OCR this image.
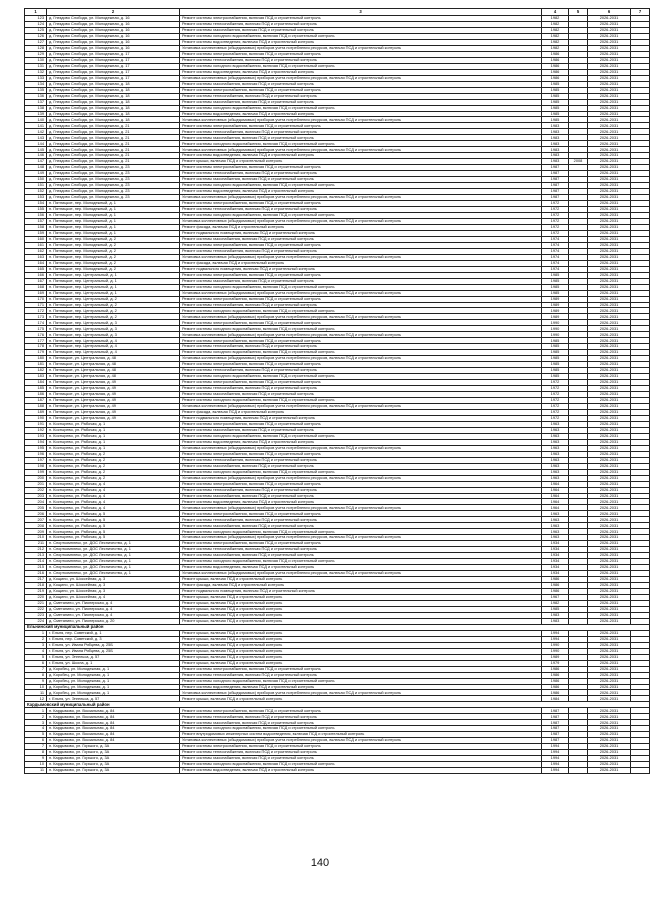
1	2	3	4	5	6	7
123	д. Гнездово Слобода, ул. Молодежная, д. 16	Ремонт системы электроснабжения, включая ПСД и строительный контроль	1982		2026-2031	
124	д. Гнездово Слобода, ул. Молодежная, д. 16	Ремонт системы теплоснабжения, включая ПСД и строительный контроль	1982		2026-2031	
125	д. Гнездово Слобода, ул. Молодежная, д. 16	Ремонт системы газоснабжения, включая ПСД и строительный контроль	1982		2026-2031	
126	д. Гнездово Слобода, ул. Молодежная, д. 16	Ремонт системы холодного водоснабжения, включая ПСД и строительный контроль	1982		2026-2031	
127	д. Гнездово Слобода, ул. Молодежная, д. 16	Ремонт системы водоотведения, включая ПСД и строительный контроль	1982		2026-2031	
128	д. Гнездово Слобода, ул. Молодежная, д. 16	Установка коллективных (общедомовых) приборов учета потребления ресурсов, включая ПСД и строительный контроль	1982		2026-2031	
129	д. Гнездово Слобода, ул. Молодежная, д. 17	Ремонт системы электроснабжения, включая ПСД и строительный контроль	1986		2026-2031	
130	д. Гнездово Слобода, ул. Молодежная, д. 17	Ремонт системы теплоснабжения, включая ПСД и строительный контроль	1986		2026-2031	
131	д. Гнездово Слобода, ул. Молодежная, д. 17	Ремонт системы холодного водоснабжения, включая ПСД и строительный контроль	1986		2026-2031	
132	д. Гнездово Слобода, ул. Молодежная, д. 17	Ремонт системы водоотведения, включая ПСД и строительный контроль	1986		2026-2031	
133	д. Гнездово Слобода, ул. Молодежная, д. 17	Установка коллективных (общедомовых) приборов учета потребления ресурсов, включая ПСД и строительный контроль	1986		2026-2031	
134	д. Гнездово Слобода, ул. Молодежная, д. 18	Ремонт системы газоснабжения, включая ПСД и строительный контроль	1985		2026-2031	
135	д. Гнездово Слобода, ул. Молодежная, д. 18	Ремонт системы электроснабжения, включая ПСД и строительный контроль	1985		2026-2031	
136	д. Гнездово Слобода, ул. Молодежная, д. 18	Ремонт системы теплоснабжения, включая ПСД и строительный контроль	1985		2026-2031	
137	д. Гнездово Слобода, ул. Молодежная, д. 18	Ремонт системы газоснабжения, включая ПСД и строительный контроль	1985		2026-2031	
138	д. Гнездово Слобода, ул. Молодежная, д. 18	Ремонт системы холодного водоснабжения, включая ПСД и строительный контроль	1985		2026-2031	
139	д. Гнездово Слобода, ул. Молодежная, д. 18	Ремонт системы водоотведения, включая ПСД и строительный контроль	1985		2026-2031	
140	д. Гнездово Слобода, ул. Молодежная, д. 18	Установка коллективных (общедомовых) приборов учета потребления ресурсов, включая ПСД и строительный контроль	1985		2026-2031	
141	д. Гнездово Слобода, ул. Молодежная, д. 21	Ремонт системы электроснабжения, включая ПСД и строительный контроль	1983		2026-2031	
142	д. Гнездово Слобода, ул. Молодежная, д. 21	Ремонт системы теплоснабжения, включая ПСД и строительный контроль	1983		2026-2031	
143	д. Гнездово Слобода, ул. Молодежная, д. 21	Ремонт системы газоснабжения, включая ПСД и строительный контроль	1983		2026-2031	
144	д. Гнездово Слобода, ул. Молодежная, д. 21	Ремонт системы холодного водоснабжения, включая ПСД и строительный контроль	1983		2026-2031	
145	д. Гнездово Слобода, ул. Молодежная, д. 21	Установка коллективных (общедомовых) приборов учета потребления ресурсов, включая ПСД и строительный контроль	1983		2026-2031	
146	д. Гнездово Слобода, ул. Молодежная, д. 21	Ремонт системы водоотведения, включая ПСД и строительный контроль	1983		2026-2031	
147	д. Гнездово Слобода, ул. Молодежная, д. 21	Ремонт крыши, включая ПСД и строительный контроль	1983	2008	2026-2031	
148	д. Гнездово Слобода, ул. Молодежная, д. 23	Ремонт системы электроснабжения, включая ПСД и строительный контроль	1987		2026-2031	
149	д. Гнездово Слобода, ул. Молодежная, д. 23	Ремонт системы теплоснабжения, включая ПСД и строительный контроль	1987		2026-2031	
150	д. Гнездово Слобода, ул. Молодежная, д. 23	Ремонт системы газоснабжения, включая ПСД и строительный контроль	1987		2026-2031	
151	д. Гнездово Слобода, ул. Молодежная, д. 23	Ремонт системы холодного водоснабжения, включая ПСД и строительный контроль	1987		2026-2031	
152	д. Гнездово Слобода, ул. Молодежная, д. 23	Ремонт системы водоотведения, включая ПСД и строительный контроль	1987		2026-2031	
153	д. Гнездово Слобода, ул. Молодежная, д. 23	Установка коллективных (общедомовых) приборов учета потребления ресурсов, включая ПСД и строительный контроль	1987		2026-2031	
154	п. Пятницкое, пер. Молодежный, д. 1	Ремонт системы электроснабжения, включая ПСД и строительный контроль	1972		2026-2031	
155	п. Пятницкое, пер. Молодежный, д. 1	Ремонт системы теплоснабжения, включая ПСД и строительный контроль	1972		2026-2031	
156	п. Пятницкое, пер. Молодежный, д. 1	Ремонт системы холодного водоснабжения, включая ПСД и строительный контроль	1972		2026-2031	
157	п. Пятницкое, пер. Молодежный, д. 1	Установка коллективных (общедомовых) приборов учета потребления ресурсов, включая ПСД и строительный контроль	1972		2026-2031	
158	п. Пятницкое, пер. Молодежный, д. 1	Ремонт фасада, включая ПСД и строительный контроль	1972		2026-2031	
159	п. Пятницкое, пер. Молодежный, д. 1	Ремонт подвального помещения, включая ПСД и строительный контроль	1972		2026-2031	
160	п. Пятницкое, пер. Молодежный, д. 2	Ремонт системы газоснабжения, включая ПСД и строительный контроль	1974		2026-2031	
161	п. Пятницкое, пер. Молодежный, д. 2	Ремонт системы электроснабжения, включая ПСД и строительный контроль	1974		2026-2031	
162	п. Пятницкое, пер. Молодежный, д. 2	Ремонт системы теплоснабжения, включая ПСД и строительный контроль	1974		2026-2031	
163	п. Пятницкое, пер. Молодежный, д. 2	Установка коллективных (общедомовых) приборов учета потребления ресурсов, включая ПСД и строительный контроль	1974		2026-2031	
164	п. Пятницкое, пер. Молодежный, д. 2	Ремонт фасада, включая ПСД и строительный контроль	1974		2026-2031	
165	п. Пятницкое, пер. Молодежный, д. 2	Ремонт подвального помещения, включая ПСД и строительный контроль	1974		2026-2031	
166	п. Пятницкое, пер. Центральный, д. 1	Ремонт системы электроснабжения, включая ПСД и строительный контроль	1985		2026-2031	
167	п. Пятницкое, пер. Центральный, д. 1	Ремонт системы газоснабжения, включая ПСД и строительный контроль	1985		2026-2031	
168	п. Пятницкое, пер. Центральный, д. 1	Ремонт системы холодного водоснабжения, включая ПСД и строительный контроль	1985		2026-2031	
169	п. Пятницкое, пер. Центральный, д. 1	Установка коллективных (общедомовых) приборов учета потребления ресурсов, включая ПСД и строительный контроль	1985		2026-2031	
170	п. Пятницкое, пер. Центральный, д. 2	Ремонт системы электроснабжения, включая ПСД и строительный контроль	1989		2026-2031	
171	п. Пятницкое, пер. Центральный, д. 2	Ремонт системы теплоснабжения, включая ПСД и строительный контроль	1989		2026-2031	
172	п. Пятницкое, пер. Центральный, д. 2	Ремонт системы холодного водоснабжения, включая ПСД и строительный контроль	1989		2026-2031	
173	п. Пятницкое, пер. Центральный, д. 2	Установка коллективных (общедомовых) приборов учета потребления ресурсов, включая ПСД и строительный контроль	1989		2026-2031	
174	п. Пятницкое, пер. Центральный, д. 3	Ремонт системы электроснабжения, включая ПСД и строительный контроль	1990		2026-2031	
175	п. Пятницкое, пер. Центральный, д. 3	Ремонт системы холодного водоснабжения, включая ПСД и строительный контроль	1990		2026-2031	
176	п. Пятницкое, пер. Центральный, д. 3	Установка коллективных (общедомовых) приборов учета потребления ресурсов, включая ПСД и строительный контроль	1990		2026-2031	
177	п. Пятницкое, пер. Центральный, д. 4	Ремонт системы электроснабжения, включая ПСД и строительный контроль	1985		2026-2031	
178	п. Пятницкое, пер. Центральный, д. 4	Ремонт системы теплоснабжения, включая ПСД и строительный контроль	1985		2026-2031	
179	п. Пятницкое, пер. Центральный, д. 4	Ремонт системы холодного водоснабжения, включая ПСД и строительный контроль	1985		2026-2031	
180	п. Пятницкое, ул. Центральная, д. 48	Установка коллективных (общедомовых) приборов учета потребления ресурсов, включая ПСД и строительный контроль	1985		2026-2031	
181	п. Пятницкое, ул. Центральная, д. 48	Ремонт системы электроснабжения, включая ПСД и строительный контроль	1985		2026-2031	
182	п. Пятницкое, ул. Центральная, д. 48	Ремонт системы теплоснабжения, включая ПСД и строительный контроль	1985		2026-2031	
183	п. Пятницкое, ул. Центральная, д. 48	Ремонт системы холодного водоснабжения, включая ПСД и строительный контроль	1985		2026-2031	
184	п. Пятницкое, ул. Центральная, д. 49	Ремонт системы электроснабжения, включая ПСД и строительный контроль	1972		2026-2031	
185	п. Пятницкое, ул. Центральная, д. 49	Ремонт системы теплоснабжения, включая ПСД и строительный контроль	1972		2026-2031	
186	п. Пятницкое, ул. Центральная, д. 49	Ремонт системы газоснабжения, включая ПСД и строительный контроль	1972		2026-2031	
187	п. Пятницкое, ул. Центральная, д. 49	Ремонт системы холодного водоснабжения, включая ПСД и строительный контроль	1972		2026-2031	
188	п. Пятницкое, ул. Центральная, д. 49	Установка коллективных (общедомовых) приборов учета потребления ресурсов, включая ПСД и строительный контроль	1972		2026-2031	
189	п. Пятницкое, ул. Центральная, д. 49	Ремонт фасада, включая ПСД и строительный контроль	1972		2026-2031	
190	п. Пятницкое, ул. Центральная, д. 49	Ремонт подвального помещения, включая ПСД и строительный контроль	1972		2026-2031	
191	п. Костырево, ул. Рабочая, д. 1	Ремонт системы электроснабжения, включая ПСД и строительный контроль	1963		2026-2031	
192	п. Костырево, ул. Рабочая, д. 1	Ремонт системы газоснабжения, включая ПСД и строительный контроль	1963		2026-2031	
193	п. Костырево, ул. Рабочая, д. 1	Ремонт системы холодного водоснабжения, включая ПСД и строительный контроль	1963		2026-2031	
194	п. Костырево, ул. Рабочая, д. 1	Ремонт системы водоотведения, включая ПСД и строительный контроль	1963		2026-2031	
195	п. Костырево, ул. Рабочая, д. 1	Установка коллективных (общедомовых) приборов учета потребления ресурсов, включая ПСД и строительный контроль	1963		2026-2031	
196	п. Костырево, ул. Рабочая, д. 2	Ремонт системы электроснабжения, включая ПСД и строительный контроль	1963		2026-2031	
197	п. Костырево, ул. Рабочая, д. 2	Ремонт системы теплоснабжения, включая ПСД и строительный контроль	1963		2026-2031	
198	п. Костырево, ул. Рабочая, д. 2	Ремонт системы газоснабжения, включая ПСД и строительный контроль	1963		2026-2031	
199	п. Костырево, ул. Рабочая, д. 2	Ремонт системы холодного водоснабжения, включая ПСД и строительный контроль	1963		2026-2031	
200	п. Костырево, ул. Рабочая, д. 2	Установка коллективных (общедомовых) приборов учета потребления ресурсов, включая ПСД и строительный контроль	1963		2026-2031	
201	п. Костырево, ул. Рабочая, д. 4	Ремонт системы электроснабжения, включая ПСД и строительный контроль	1964		2026-2031	
202	п. Костырево, ул. Рабочая, д. 4	Ремонт системы теплоснабжения, включая ПСД и строительный контроль	1964		2026-2031	
203	п. Костырево, ул. Рабочая, д. 4	Ремонт системы газоснабжения, включая ПСД и строительный контроль	1964		2026-2031	
204	п. Костырево, ул. Рабочая, д. 4	Ремонт системы водоотведения, включая ПСД и строительный контроль	1964		2026-2031	
205	п. Костырево, ул. Рабочая, д. 4	Установка коллективных (общедомовых) приборов учета потребления ресурсов, включая ПСД и строительный контроль	1964		2026-2031	
206	п. Костырево, ул. Рабочая, д. 5	Ремонт системы электроснабжения, включая ПСД и строительный контроль	1963		2026-2031	
207	п. Костырево, ул. Рабочая, д. 5	Ремонт системы теплоснабжения, включая ПСД и строительный контроль	1963		2026-2031	
208	п. Костырево, ул. Рабочая, д. 5	Ремонт системы газоснабжения, включая ПСД и строительный контроль	1963		2026-2031	
209	п. Костырево, ул. Рабочая, д. 5	Ремонт системы холодного водоснабжения, включая ПСД и строительный контроль	1963		2026-2031	
210	п. Костырево, ул. Рабочая, д. 5	Установка коллективных (общедомовых) приборов учета потребления ресурсов, включая ПСД и строительный контроль	1963		2026-2031	
211	п. Спорткомплекс, ул. ДОС Лесничество, д. 1	Ремонт системы электроснабжения, включая ПСД и строительный контроль	1934		2026-2031	
212	п. Спорткомплекс, ул. ДОС Лесничество, д. 1	Ремонт системы теплоснабжения, включая ПСД и строительный контроль	1934		2026-2031	
213	п. Спорткомплекс, ул. ДОС Лесничество, д. 1	Ремонт системы газоснабжения, включая ПСД и строительный контроль	1934		2026-2031	
214	п. Спорткомплекс, ул. ДОС Лесничество, д. 1	Ремонт системы холодного водоснабжения, включая ПСД и строительный контроль	1934		2026-2031	
215	п. Спорткомплекс, ул. ДОС Лесничество, д. 1	Ремонт системы водоотведения, включая ПСД и строительный контроль	1934		2026-2031	
216	п. Спорткомплекс, ул. ДОС Лесничество, д. 1	Установка коллективных (общедомовых) приборов учета потребления ресурсов, включая ПСД и строительный контроль	1934		2026-2031	
217	д. Кощино, ул. Шоссейная, д. 3	Ремонт крыши, включая ПСД и строительный контроль	1986		2026-2031	
218	д. Кощино, ул. Шоссейная, д. 3	Ремонт фасада, включая ПСД и строительный контроль	1986		2026-2031	
219	д. Кощино, ул. Шоссейная, д. 3	Ремонт подвального помещения, включая ПСД и строительный контроль	1986		2026-2031	
220	д. Кощино, ул. Шоссейная, д. 4	Ремонт крыши, включая ПСД и строительный контроль	1967		2026-2031	
221	д. Сметанино, ул. Пионерская, д. 4	Ремонт крыши, включая ПСД и строительный контроль	1982		2026-2031	
222	д. Сметанино, ул. Пионерская, д. 4	Ремонт крыши, включая ПСД и строительный контроль	1985		2026-2031	
223	д. Сметанино, ул. Пионерская, д. 4	Ремонт крыши, включая ПСД и строительный контроль	1983		2026-2031	
224	д. Сметанино, ул. Пионерская, д. 20	Ремонт крыши, включая ПСД и строительный контроль	1983		2026-2031	
Ельнинский муниципальный район						
1	г. Ельня, пер. Советский, д. 1	Ремонт крыши, включая ПСД и строительный контроль	1994		2026-2031	
2	г. Ельня, пер. Советский, д. 3	Ремонт крыши, включая ПСД и строительный контроль	1994		2026-2031	
3	г. Ельня, ул. Ивана Рябцева, д. 25Б	Ремонт крыши, включая ПСД и строительный контроль	1990		2026-2031	
4	г. Ельня, ул. Ивана Рябцева, д. 25Б	Ремонт крыши, включая ПСД и строительный контроль	1990		2026-2031	
5	г. Ельня, ул. Энгельса, д. 57	Ремонт крыши, включая ПСД и строительный контроль	1989		2026-2031	
6	г. Ельня, ул. Школа, д. 1	Ремонт крыши, включая ПСД и строительный контроль	1979		2026-2031	
7	д. Коробец, ул. Молодежная, д. 1	Ремонт системы электроснабжения, включая ПСД и строительный контроль	1986		2026-2031	
8	д. Коробец, ул. Молодежная, д. 1	Ремонт системы теплоснабжения, включая ПСД и строительный контроль	1986		2026-2031	
9	д. Коробец, ул. Молодежная, д. 1	Ремонт системы холодного водоснабжения, включая ПСД и строительный контроль	1986		2026-2031	
10	д. Коробец, ул. Молодежная, д. 1	Ремонт системы водоотведения, включая ПСД и строительный контроль	1986		2026-2031	
11	д. Коробец, ул. Молодежная, д. 1	Установка коллективных (общедомовых) приборов учета потребления ресурсов, включая ПСД и строительный контроль	1986		2026-2031	
12	г. Ельня, ул. Энгельса, д. 57	Ремонт крыши, включая ПСД и строительный контроль	1984		2026-2031	
Кардымовский муниципальный район						
1	п. Кардымово, ул. Вокзальная, д. 84	Ремонт системы электроснабжения, включая ПСД и строительный контроль	1987		2026-2031	
2	п. Кардымово, ул. Вокзальная, д. 84	Ремонт системы теплоснабжения, включая ПСД и строительный контроль	1987		2026-2031	
3	п. Кардымово, ул. Вокзальная, д. 84	Ремонт системы газоснабжения, включая ПСД и строительный контроль	1987		2026-2031	
4	п. Кардымово, ул. Вокзальная, д. 84	Ремонт системы холодного водоснабжения, включая ПСД и строительный контроль	1987		2026-2031	
5	п. Кардымово, ул. Вокзальная, д. 84	Ремонт внутридомовых инженерных систем водоотведения, включая ПСД и строительный контроль	1987		2026-2031	
6	п. Кардымово, ул. Вокзальная, д. 84	Установка коллективных (общедомовых) приборов учета потребления ресурсов, включая ПСД и строительный контроль	1987		2026-2031	
7	п. Кардымово, ул. Горького, д. 3А	Ремонт системы электроснабжения, включая ПСД и строительный контроль	1994		2026-2031	
8	п. Кардымово, ул. Горького, д. 3А	Ремонт системы теплоснабжения, включая ПСД и строительный контроль	1994		2026-2031	
9	п. Кардымово, ул. Горького, д. 3А	Ремонт системы газоснабжения, включая ПСД и строительный контроль	1994		2026-2031	
10	п. Кардымово, ул. Горького, д. 3А	Ремонт системы холодного водоснабжения, включая ПСД и строительный контроль	1994		2026-2031	
11	п. Кардымово, ул. Горького, д. 3А	Ремонт системы водоотведения, включая ПСД и строительный контроль	1994		2026-2031	
140
